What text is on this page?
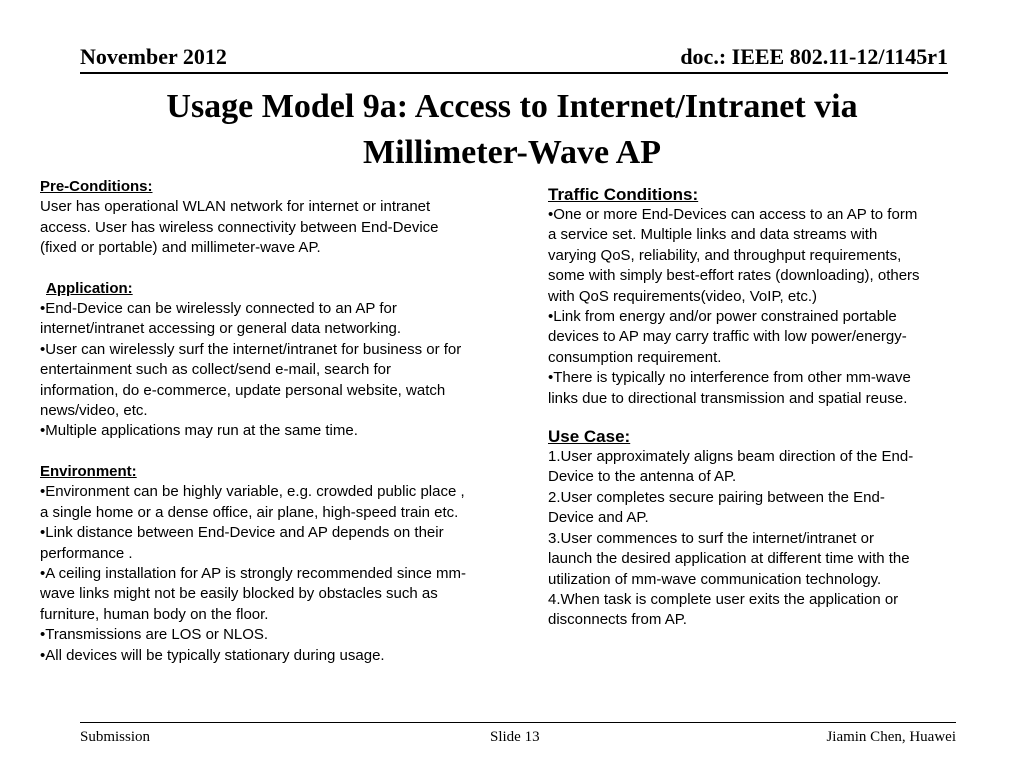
November 2012	doc.: IEEE 802.11-12/1145r1
Usage Model 9a: Access to Internet/Intranet via
Millimeter-Wave AP
Pre-Conditions:
User has operational WLAN network for internet or intranet
access. User has wireless connectivity between End-Device
(fixed or portable) and millimeter-wave AP.
Application:
•End-Device can be wirelessly connected to an AP for
internet/intranet accessing or general data networking.
•User can wirelessly surf the internet/intranet for business or for
entertainment such as collect/send e-mail, search for
information, do e-commerce, update personal website, watch
news/video, etc.
•Multiple applications may run at the same time.
Environment:
•Environment can be highly variable, e.g. crowded public place ,
a single home or a dense office, air plane, high-speed train etc.
•Link distance between End-Device and AP depends on their
performance .
•A ceiling installation for AP is strongly recommended since mm-
wave links might not be easily blocked by obstacles such as
furniture, human body on the floor.
•Transmissions are LOS or NLOS.
•All devices will be typically stationary during usage.
Traffic Conditions:
•One or more End-Devices can access to an AP to form
a service set. Multiple links and data streams with
varying QoS, reliability, and throughput requirements,
some with simply best-effort rates (downloading), others
with QoS requirements(video, VoIP, etc.)
•Link from energy and/or power constrained portable
devices to AP may carry traffic with low power/energy-
consumption requirement.
•There is typically no interference from other mm-wave
links due to directional transmission and spatial reuse.
Use Case:
1.User approximately aligns beam direction of the End-
Device to the antenna of AP.
2.User completes secure pairing between the End-
Device and AP.
3.User commences to surf the internet/intranet or
launch the desired application at different time with the
utilization of mm-wave communication technology.
4.When task is complete user exits the application or
disconnects from AP.
Submission	Slide 13	Jiamin Chen, Huawei
